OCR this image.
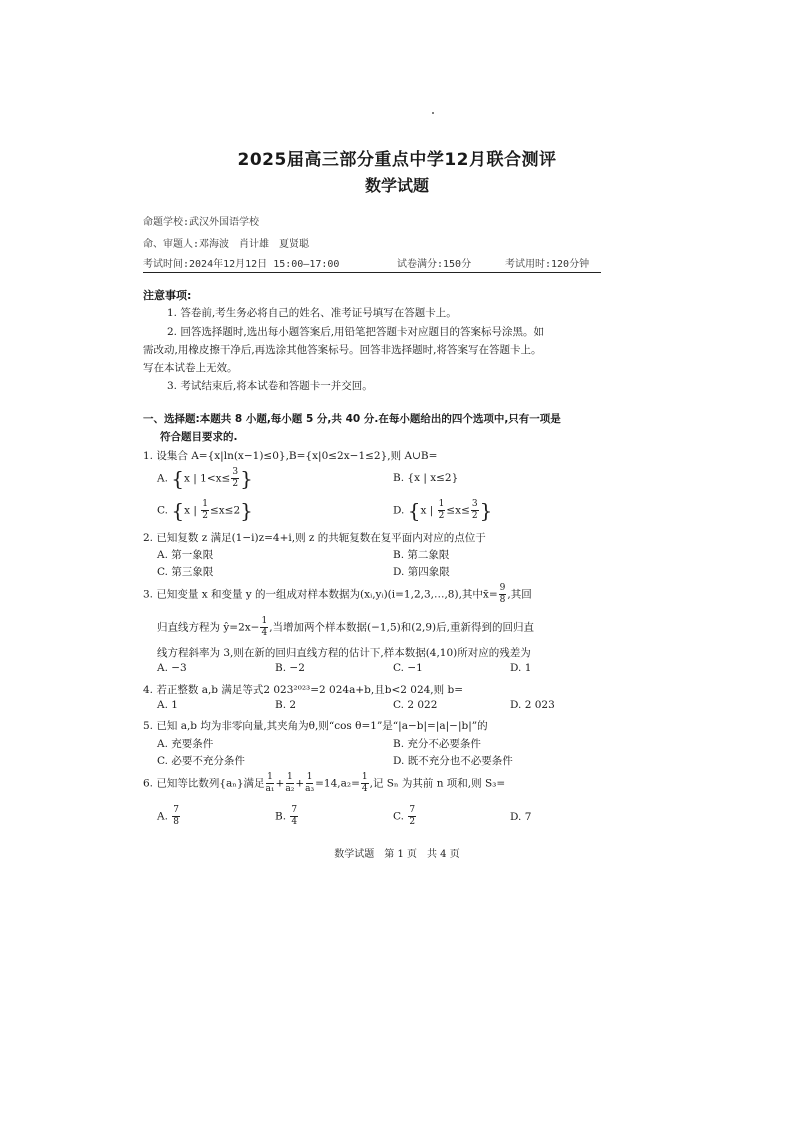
2025届高三部分重点中学12月联合测评
数学试题
命题学校:武汉外国语学校
命、审题人:邓海波　肖计雄　夏贤聪
考试时间:2024年12月12日 15:00—17:00	试卷满分:150分	考试用时:120分钟
注意事项:
1. 答卷前,考生务必将自己的姓名、准考证号填写在答题卡上。
2. 回答选择题时,选出每小题答案后,用铅笔把答题卡对应题目的答案标号涂黑。如
需改动,用橡皮擦干净后,再选涂其他答案标号。回答非选择题时,将答案写在答题卡上。
写在本试卷上无效。
3. 考试结束后,将本试卷和答题卡一并交回。
一、选择题:本题共 8 小题,每小题 5 分,共 40 分.在每小题给出的四个选项中,只有一项是
符合题目要求的.
1. 设集合 A={x|ln(x−1)≤0},B={x|0≤2x−1≤2},则 A∪B=
A. {x | $1<x\le \frac{3}{2}$ }	B. {x | x≤2}
C. {x | $\frac{1}{2} \le x\le 2$}	D. {x | $\frac{1}{2} \le x\le \frac{3}{2}$ }
2. 已知复数 z 满足(1−i)z=4+i,则 z 的共轭复数在复平面内对应的点位于
A. 第一象限	B. 第二象限
C. 第三象限	D. 第四象限
3. 已知变量 x 和变量 y 的一组成对样本数据为(xᵢ,yᵢ)(i=1,2,3,…,8),其中x̄= $\frac{9}{8}$ ,其回
归直线方程为 ŷ=2x− $\frac{1}{4}$ ,当增加两个样本数据(−1,5)和(2,9)后,重新得到的回归直
线方程斜率为 3,则在新的回归直线方程的估计下,样本数据(4,10)所对应的残差为
A. −3	B. −2	C. −1	D. 1
4. 若正整数 a,b 满足等式2 023²⁰²³=2 024a+b,且b<2 024,则 b=
A. 1	B. 2	C. 2 022	D. 2 023
5. 已知 a,b 均为非零向量,其夹角为θ,则“cos θ=1”是“|a−b|=|a|−|b|”的
A. 充要条件	B. 充分不必要条件
C. 必要不充分条件	D. 既不充分也不必要条件
6. 已知等比数列{aₙ}满足 $\frac{1}{\text{a₁}} + \frac{1}{\text{a₂}} + \frac{1}{\text{a₃}} =14,a_2= \frac{1}{4}$ ,记 Sₙ 为其前 n 项和,则 S₃=
A. $\frac{7}{8}$	B. $\frac{7}{4}$	C. $\frac{7}{2}$	D. 7
数学试题　第 1 页　共 4 页
